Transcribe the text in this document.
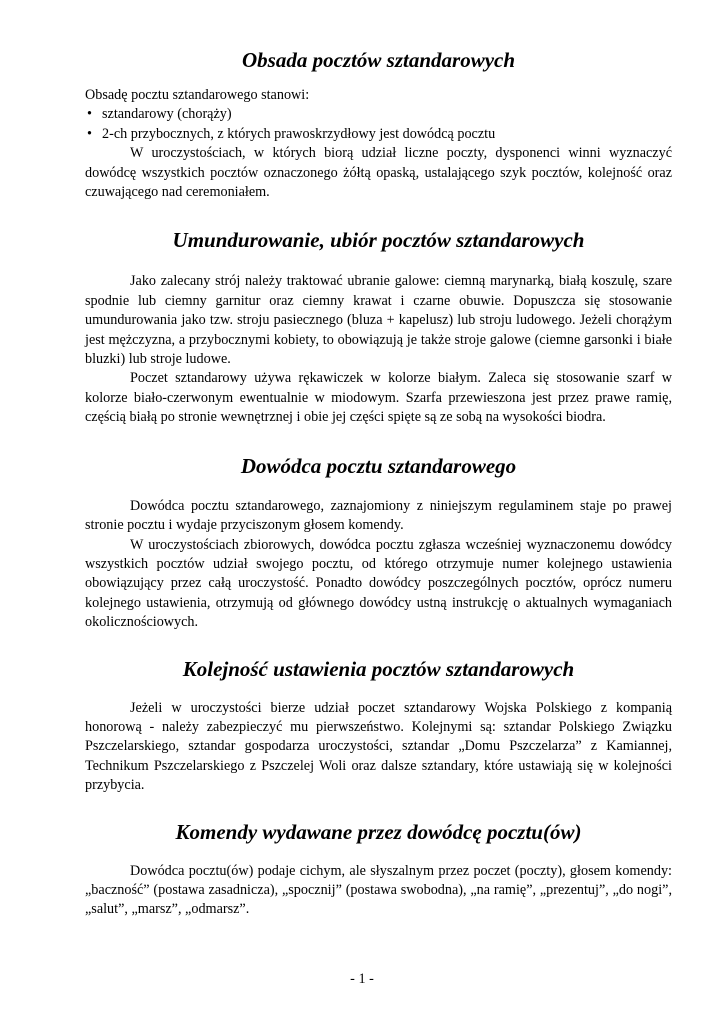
Obsada pocztów sztandarowych

Obsadę pocztu sztandarowego stanowi:

• sztandarowy (chorąży)
• 2-ch przybocznych, z których prawoskrzydłowy jest dowódcą pocztu

W uroczystościach, w których biorą udział liczne poczty, dysponenci winni wyznaczyć dowódcę wszystkich pocztów oznaczonego żółtą opaską, ustalającego szyk pocztów, kolejność oraz czuwającego nad ceremoniałem.

Umundurowanie, ubiór pocztów sztandarowych

Jako zalecany strój należy traktować ubranie galowe: ciemną marynarką, białą koszulę, szare spodnie lub ciemny garnitur oraz ciemny krawat i czarne obuwie. Dopuszcza się stosowanie umundurowania jako tzw. stroju pasiecznego (bluza + kapelusz) lub stroju ludowego. Jeżeli chorążym jest mężczyzna, a przybocznymi kobiety, to obowiązują je także stroje galowe (ciemne garsonki i białe bluzki) lub stroje ludowe.

Poczet sztandarowy używa rękawiczek w kolorze białym. Zaleca się stosowanie szarf w kolorze biało-czerwonym ewentualnie w miodowym. Szarfa przewieszona jest przez prawe ramię, częścią białą po stronie wewnętrznej i obie jej części spięte są ze sobą na wysokości biodra.

Dowódca pocztu sztandarowego

Dowódca pocztu sztandarowego, zaznajomiony z niniejszym regulaminem staje po prawej stronie pocztu i wydaje przyciszonym głosem komendy.

W uroczystościach zbiorowych, dowódca pocztu zgłasza wcześniej wyznaczonemu dowódcy wszystkich pocztów udział swojego pocztu, od którego otrzymuje numer kolejnego ustawienia obowiązujący przez całą uroczystość. Ponadto dowódcy poszczególnych pocztów, oprócz numeru kolejnego ustawienia, otrzymują od głównego dowódcy ustną instrukcję o aktualnych wymaganiach okolicznościowych.

Kolejność ustawienia pocztów sztandarowych

Jeżeli w uroczystości bierze udział poczet sztandarowy Wojska Polskiego z kompanią honorową - należy zabezpieczyć mu pierwszeństwo. Kolejnymi są: sztandar Polskiego Związku Pszczelarskiego, sztandar gospodarza uroczystości, sztandar „Domu Pszczelarza” z Kamiannej, Technikum Pszczelarskiego z Pszczelej Woli oraz dalsze sztandary, które ustawiają się w kolejności przybycia.

Komendy wydawane przez dowódcę pocztu(ów)

Dowódca pocztu(ów) podaje cichym, ale słyszalnym przez poczet (poczty), głosem komendy: „baczność” (postawa zasadnicza), „spocznij” (postawa swobodna), „na ramię”, „prezentuj”, „do nogi”, „salut”, „marsz”, „odmarsz”.

- 1 -
